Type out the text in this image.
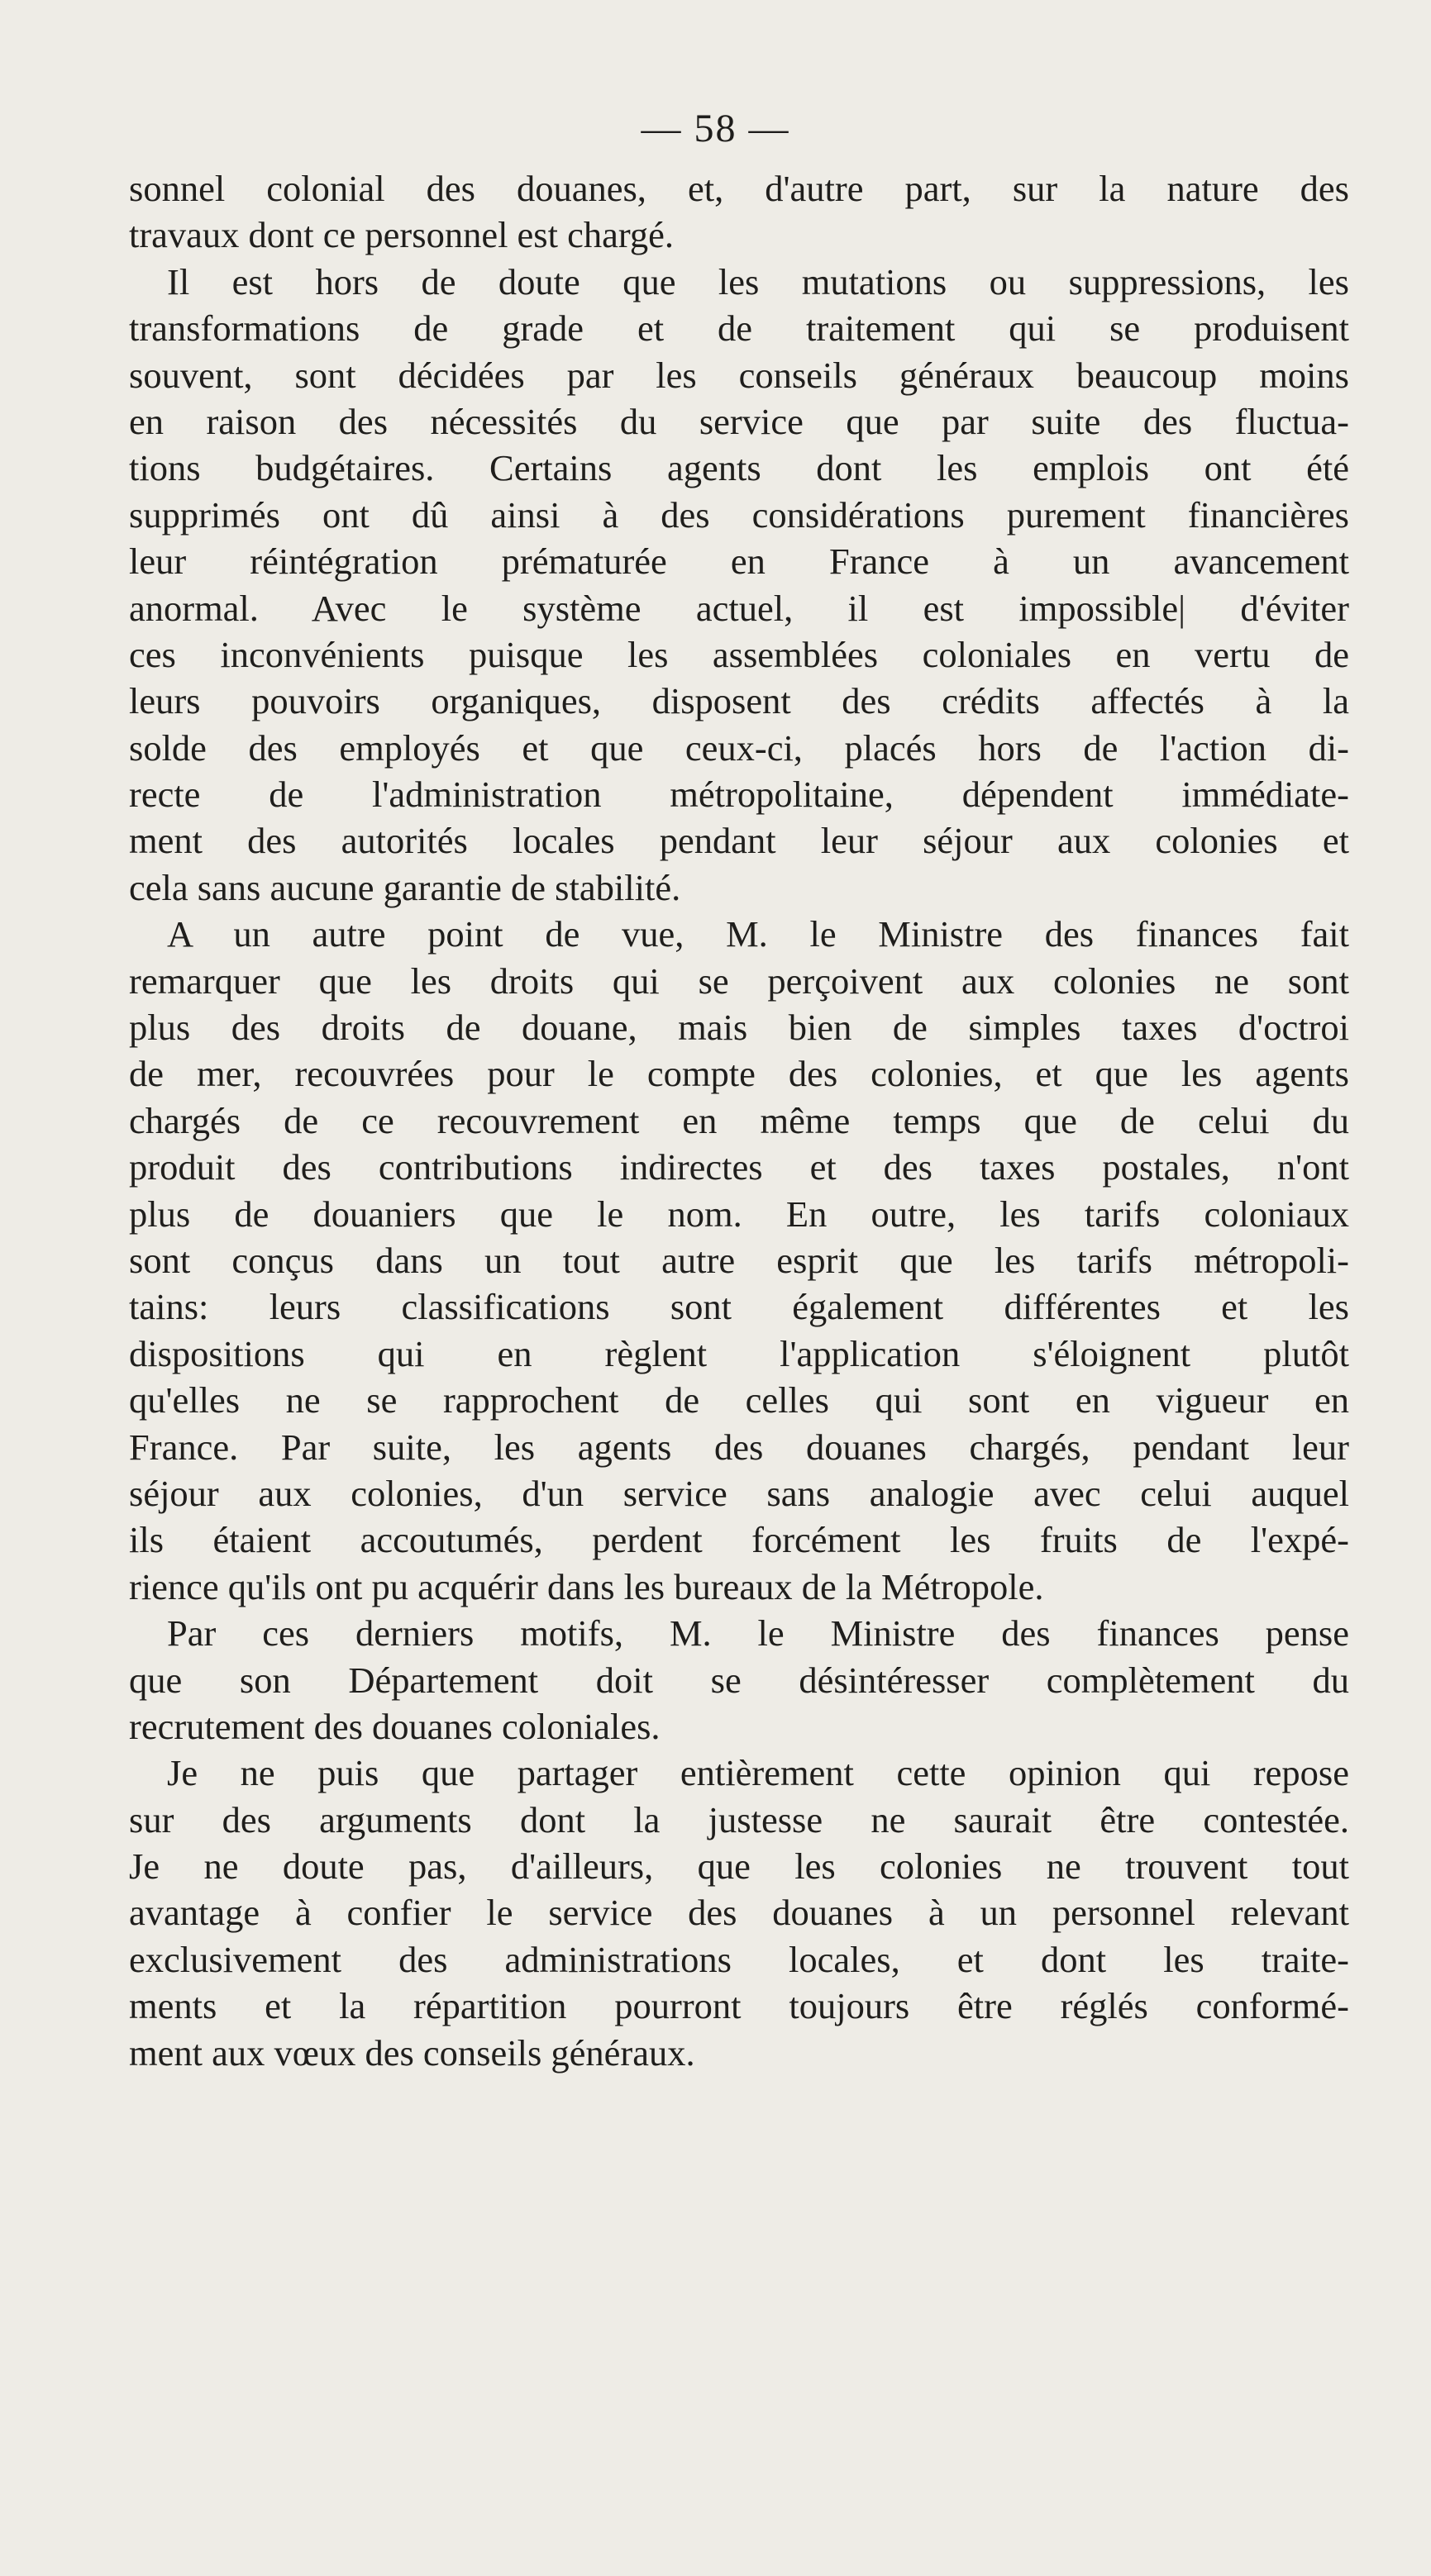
— 58 —
sonnel colonial des douanes, et, d'autre part, sur la nature des
travaux dont ce personnel est chargé.
Il est hors de doute que les mutations ou suppressions, les
transformations de grade et de traitement qui se produisent
souvent, sont décidées par les conseils généraux beaucoup moins
en raison des nécessités du service que par suite des fluctua-
tions budgétaires. Certains agents dont les emplois ont été
supprimés ont dû ainsi à des considérations purement financières
leur réintégration prématurée en France à un avancement
anormal. Avec le système actuel, il est impossible| d'éviter
ces inconvénients puisque les assemblées coloniales en vertu de
leurs pouvoirs organiques, disposent des crédits affectés à la
solde des employés et que ceux-ci, placés hors de l'action di-
recte de l'administration métropolitaine, dépendent immédiate-
ment des autorités locales pendant leur séjour aux colonies et
cela sans aucune garantie de stabilité.
A un autre point de vue, M. le Ministre des finances fait
remarquer que les droits qui se perçoivent aux colonies ne sont
plus des droits de douane, mais bien de simples taxes d'octroi
de mer, recouvrées pour le compte des colonies, et que les agents
chargés de ce recouvrement en même temps que de celui du
produit des contributions indirectes et des taxes postales, n'ont
plus de douaniers que le nom. En outre, les tarifs coloniaux
sont conçus dans un tout autre esprit que les tarifs métropoli-
tains: leurs classifications sont également différentes et les
dispositions qui en règlent l'application s'éloignent plutôt
qu'elles ne se rapprochent de celles qui sont en vigueur en
France. Par suite, les agents des douanes chargés, pendant leur
séjour aux colonies, d'un service sans analogie avec celui auquel
ils étaient accoutumés, perdent forcément les fruits de l'expé-
rience qu'ils ont pu acquérir dans les bureaux de la Métropole.
Par ces derniers motifs, M. le Ministre des finances pense
que son Département doit se désintéresser complètement du
recrutement des douanes coloniales.
Je ne puis que partager entièrement cette opinion qui repose
sur des arguments dont la justesse ne saurait être contestée.
Je ne doute pas, d'ailleurs, que les colonies ne trouvent tout
avantage à confier le service des douanes à un personnel relevant
exclusivement des administrations locales, et dont les traite-
ments et la répartition pourront toujours être réglés conformé-
ment aux vœux des conseils généraux.
